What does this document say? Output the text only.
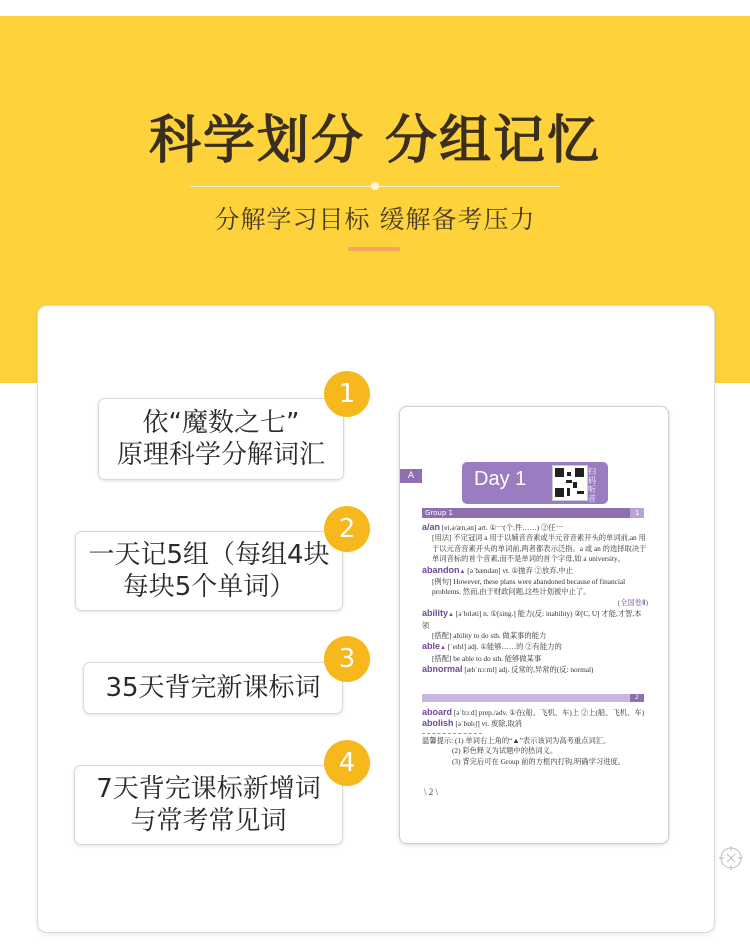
科学划分 分组记忆
分解学习目标 缓解备考压力
依“魔数之七”
原理科学分解词汇
1
一天记5组（每组4块
每块5个单词）
2
35天背完新课标词
3
7天背完课标新增词
与常考常见词
4
A	Day 1	扫码听音
Group 1	1
a/an [ei,ə/æn,ən] art. ①一(个,件……) ②任一
[用法] 不定冠词 a 用于以辅音音素或半元音音素开头的单词前,an 用于以元音音素开头的单词前,两者都表示泛指。a 或 an 的选择取决于单词音标的首个音素,而不是单词的首个字母,如 a university。
abandon▲ [əˈbændən] vt. ①抛弃 ②放弃,中止
[例句] However, these plans were abandoned because of financial problems. 然而,由于财政问题,这些计划被中止了。
(全国卷Ⅱ)
ability▲ [əˈbɪləti] n. ①[sing.] 能力(反: inability) ②[C, U] 才能,才智,本领
[搭配] ability to do sth. 做某事的能力
able▲ [ˈeɪbl] adj. ①能够……的 ②有能力的
[搭配] be able to do sth. 能够做某事
abnormal [æbˈnɔːml] adj. 反常的,异常的(反: normal)
2
aboard [əˈbɔːd] prep./adv. ①在(船、飞机、车)上 ②上(船、飞机、车)
abolish [əˈbɒlɪʃ] vt. 废除,取消
温馨提示: (1) 单词右上角的“▲”表示该词为高考重点词汇。
(2) 彩色释义为试题中的热词义。
(3) 背完后可在 Group 前的方框内打钩,明确学习进度。
\ 2 \
